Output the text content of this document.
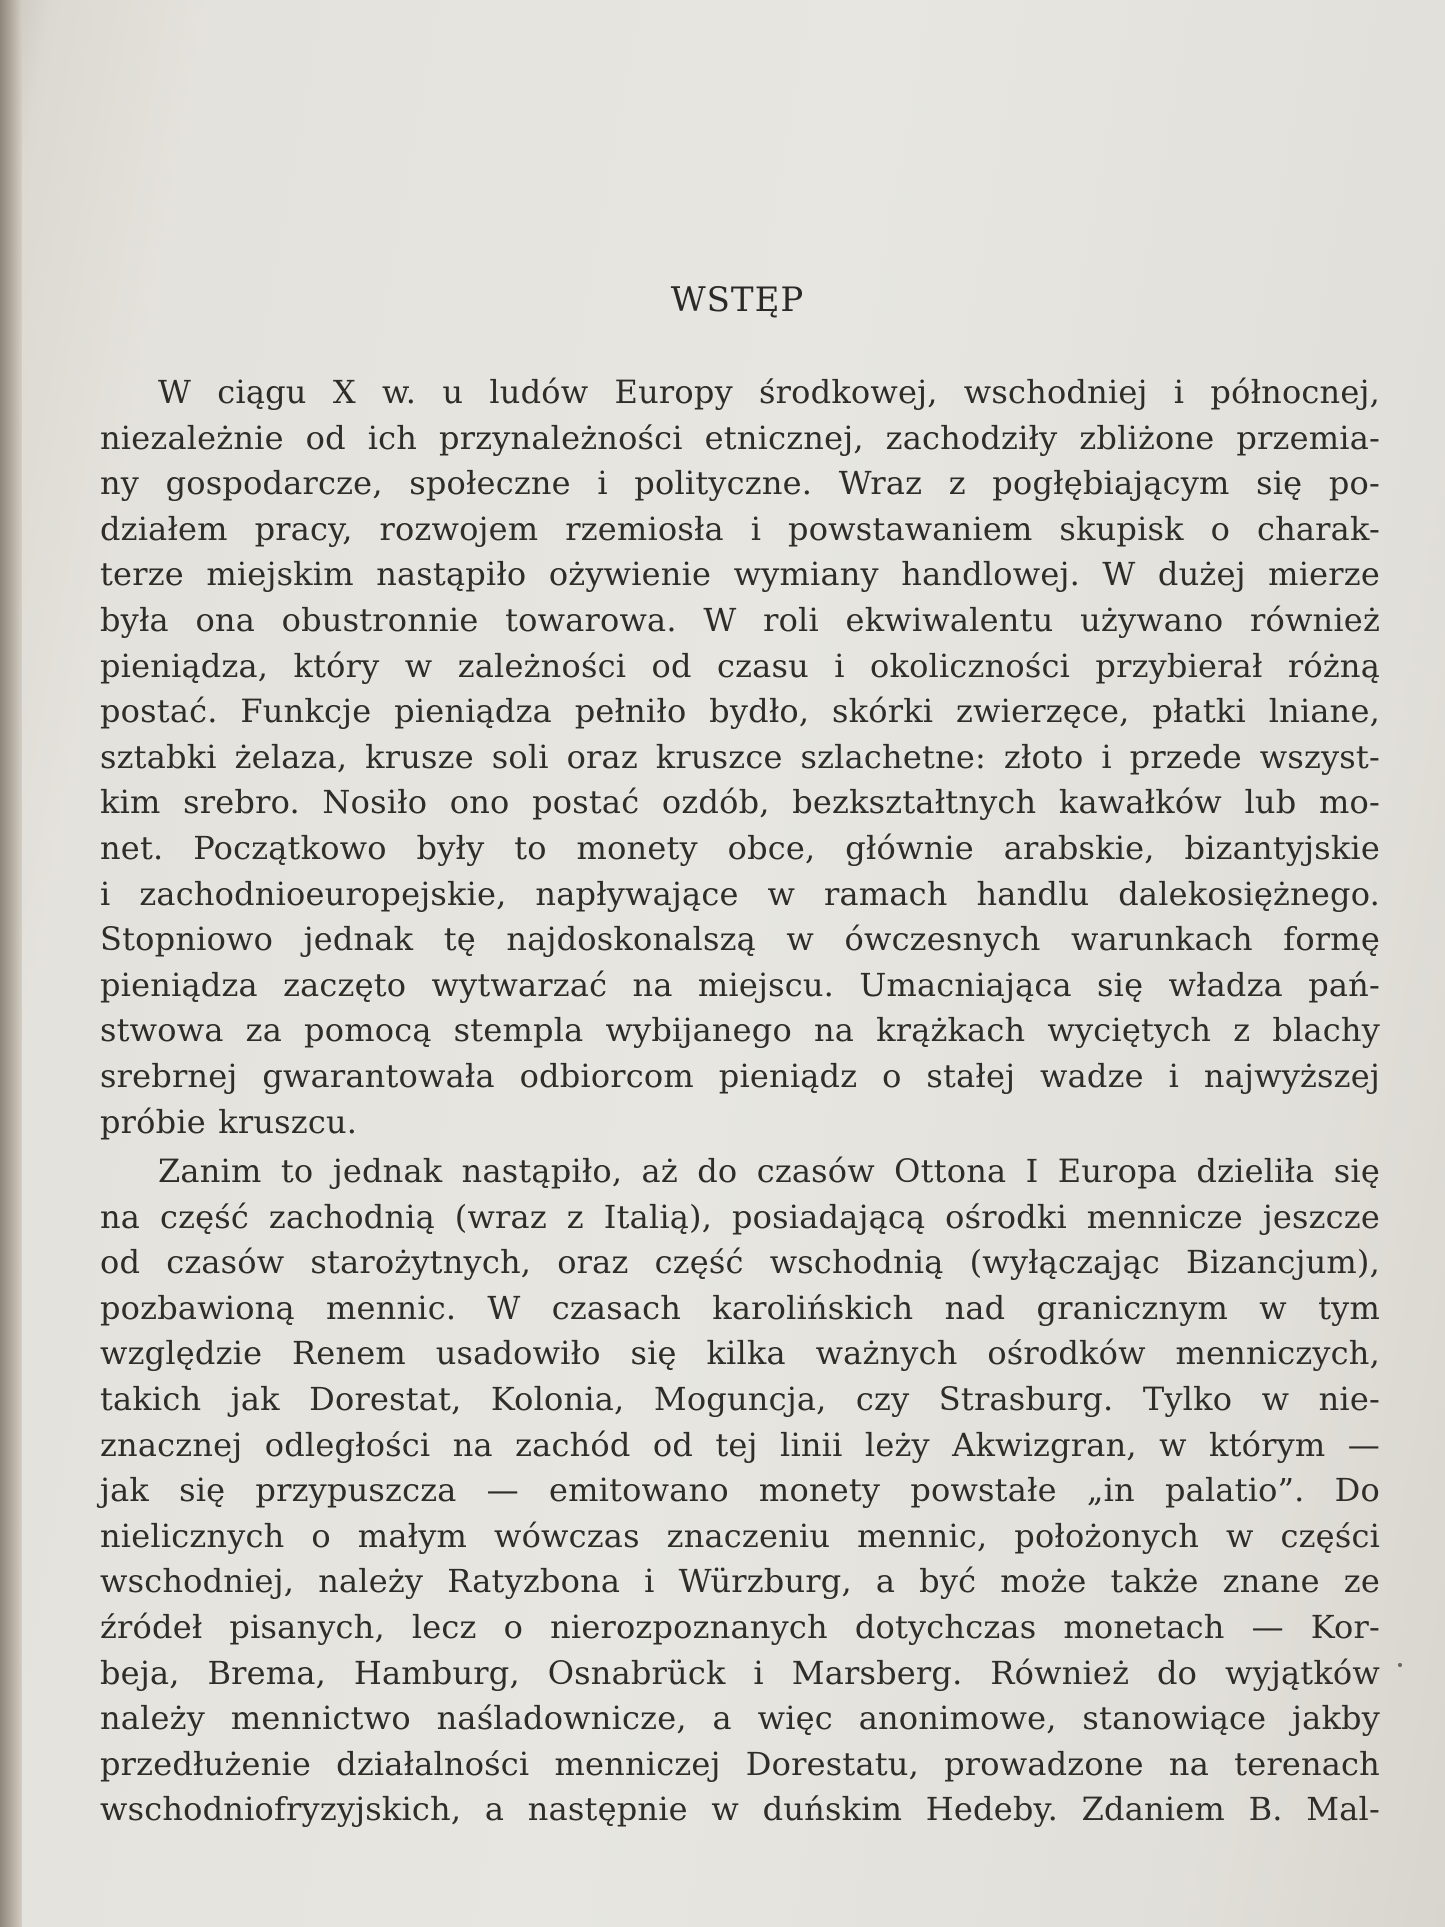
WSTĘP
W ciągu X w. u ludów Europy środkowej, wschodniej i północnej,
niezależnie od ich przynależności etnicznej, zachodziły zbliżone przemia-
ny gospodarcze, społeczne i polityczne. Wraz z pogłębiającym się po-
działem pracy, rozwojem rzemiosła i powstawaniem skupisk o charak-
terze miejskim nastąpiło ożywienie wymiany handlowej. W dużej mierze
była ona obustronnie towarowa. W roli ekwiwalentu używano również
pieniądza, który w zależności od czasu i okoliczności przybierał różną
postać. Funkcje pieniądza pełniło bydło, skórki zwierzęce, płatki lniane,
sztabki żelaza, krusze soli oraz kruszce szlachetne: złoto i przede wszyst-
kim srebro. Nosiło ono postać ozdób, bezkształtnych kawałków lub mo-
net. Początkowo były to monety obce, głównie arabskie, bizantyjskie
i zachodnioeuropejskie, napływające w ramach handlu dalekosiężnego.
Stopniowo jednak tę najdoskonalszą w ówczesnych warunkach formę
pieniądza zaczęto wytwarzać na miejscu. Umacniająca się władza pań-
stwowa za pomocą stempla wybijanego na krążkach wyciętych z blachy
srebrnej gwarantowała odbiorcom pieniądz o stałej wadze i najwyższej
próbie kruszcu.
Zanim to jednak nastąpiło, aż do czasów Ottona I Europa dzieliła się
na część zachodnią (wraz z Italią), posiadającą ośrodki mennicze jeszcze
od czasów starożytnych, oraz część wschodnią (wyłączając Bizancjum),
pozbawioną mennic. W czasach karolińskich nad granicznym w tym
względzie Renem usadowiło się kilka ważnych ośrodków menniczych,
takich jak Dorestat, Kolonia, Moguncja, czy Strasburg. Tylko w nie-
znacznej odległości na zachód od tej linii leży Akwizgran, w którym —
jak się przypuszcza — emitowano monety powstałe „in palatio”. Do
nielicznych o małym wówczas znaczeniu mennic, położonych w części
wschodniej, należy Ratyzbona i Würzburg, a być może także znane ze
źródeł pisanych, lecz o nierozpoznanych dotychczas monetach — Kor-
beja, Brema, Hamburg, Osnabrück i Marsberg. Również do wyjątków
należy mennictwo naśladownicze, a więc anonimowe, stanowiące jakby
przedłużenie działalności menniczej Dorestatu, prowadzone na terenach
wschodniofryzyjskich, a następnie w duńskim Hedeby. Zdaniem B. Mal-
